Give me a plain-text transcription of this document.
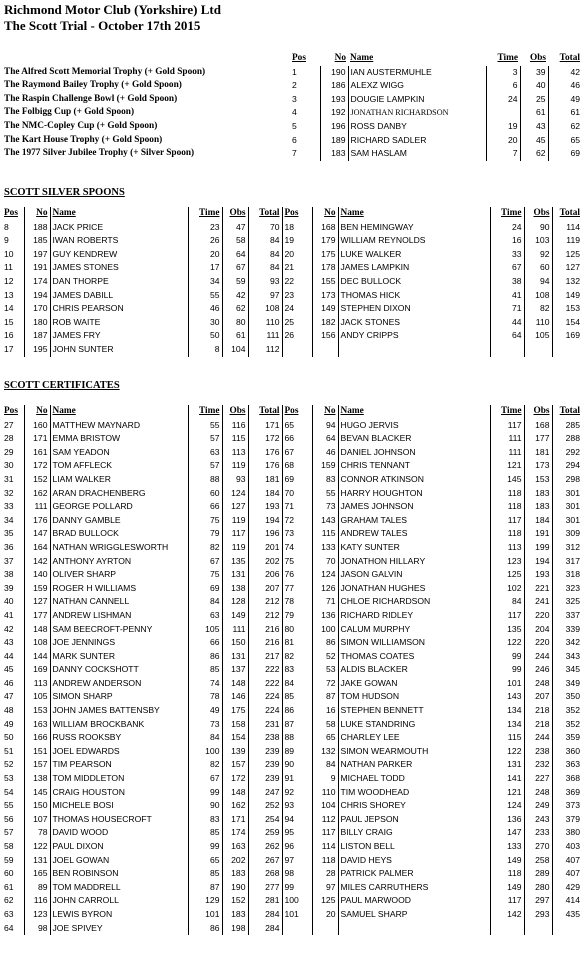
Richmond Motor Club (Yorkshire) Ltd
The Scott Trial - October 17th 2015
	Pos	No	Name	Time	Obs	Total
The Alfred Scott Memorial Trophy (+ Gold Spoon)	1	190	IAN AUSTERMUHLE	3	39	42
The Raymond Bailey Trophy (+ Gold Spoon)	2	186	ALEXZ WIGG	6	40	46
The Raspin Challenge Bowl (+ Gold Spoon)	3	193	DOUGIE LAMPKIN	24	25	49
The Folbigg Cup (+ Gold Spoon)	4	192	JONATHAN RICHARDSON		61	61
The NMC-Copley Cup (+ Gold Spoon)	5	196	ROSS DANBY	19	43	62
The Kart House Trophy (+ Gold Spoon)	6	189	RICHARD SADLER	20	45	65
The 1977 Silver Jubilee Trophy (+ Silver Spoon)	7	183	SAM HASLAM	7	62	69
SCOTT SILVER SPOONS
Pos	No	Name	Time	Obs	Total	Pos	No	Name	Time	Obs	Total
8	188	JACK PRICE	23	47	70	18	168	BEN HEMINGWAY	24	90	114
9	185	IWAN ROBERTS	26	58	84	19	179	WILLIAM REYNOLDS	16	103	119
10	197	GUY KENDREW	20	64	84	20	175	LUKE WALKER	33	92	125
11	191	JAMES STONES	17	67	84	21	178	JAMES LAMPKIN	67	60	127
12	174	DAN THORPE	34	59	93	22	155	DEC BULLOCK	38	94	132
13	194	JAMES DABILL	55	42	97	23	173	THOMAS HICK	41	108	149
14	170	CHRIS PEARSON	46	62	108	24	149	STEPHEN DIXON	71	82	153
15	180	ROB WAITE	30	80	110	25	182	JACK STONES	44	110	154
16	187	JAMES FRY	50	61	111	26	156	ANDY CRIPPS	64	105	169
17	195	JOHN SUNTER	8	104	112						
SCOTT CERTIFICATES
Pos	No	Name	Time	Obs	Total	Pos	No	Name	Time	Obs	Total
27	160	MATTHEW MAYNARD	55	116	171	65	94	HUGO JERVIS	117	168	285
28	171	EMMA BRISTOW	57	115	172	66	64	BEVAN BLACKER	111	177	288
29	161	SAM YEADON	63	113	176	67	46	DANIEL JOHNSON	111	181	292
30	172	TOM AFFLECK	57	119	176	68	159	CHRIS TENNANT	121	173	294
31	152	LIAM WALKER	88	93	181	69	83	CONNOR ATKINSON	145	153	298
32	162	ARAN DRACHENBERG	60	124	184	70	55	HARRY HOUGHTON	118	183	301
33	111	GEORGE POLLARD	66	127	193	71	73	JAMES JOHNSON	118	183	301
34	176	DANNY GAMBLE	75	119	194	72	143	GRAHAM TALES	117	184	301
35	147	BRAD BULLOCK	79	117	196	73	115	ANDREW TALES	118	191	309
36	164	NATHAN WRIGGLESWORTH	82	119	201	74	133	KATY SUNTER	113	199	312
37	142	ANTHONY AYRTON	67	135	202	75	70	JONATHON HILLARY	123	194	317
38	140	OLIVER SHARP	75	131	206	76	124	JASON GALVIN	125	193	318
39	159	ROGER H WILLIAMS	69	138	207	77	126	JONATHAN HUGHES	102	221	323
40	127	NATHAN CANNELL	84	128	212	78	71	CHLOE RICHARDSON	84	241	325
41	177	ANDREW LISHMAN	63	149	212	79	136	RICHARD RIDLEY	117	220	337
42	148	SAM BEECROFT-PENNY	105	111	216	80	100	CALUM MURPHY	135	204	339
43	108	JOE JENNINGS	66	150	216	81	86	SIMON WILLIAMSON	122	220	342
44	144	MARK SUNTER	86	131	217	82	52	THOMAS COATES	99	244	343
45	169	DANNY COCKSHOTT	85	137	222	83	53	ALDIS BLACKER	99	246	345
46	113	ANDREW ANDERSON	74	148	222	84	72	JAKE GOWAN	101	248	349
47	105	SIMON SHARP	78	146	224	85	87	TOM HUDSON	143	207	350
48	153	JOHN JAMES BATTENSBY	49	175	224	86	16	STEPHEN BENNETT	134	218	352
49	163	WILLIAM BROCKBANK	73	158	231	87	58	LUKE STANDRING	134	218	352
50	166	RUSS ROOKSBY	84	154	238	88	65	CHARLEY LEE	115	244	359
51	151	JOEL EDWARDS	100	139	239	89	132	SIMON WEARMOUTH	122	238	360
52	157	TIM PEARSON	82	157	239	90	84	NATHAN PARKER	131	232	363
53	138	TOM MIDDLETON	67	172	239	91	9	MICHAEL TODD	141	227	368
54	145	CRAIG HOUSTON	99	148	247	92	110	TIM WOODHEAD	121	248	369
55	150	MICHELE BOSI	90	162	252	93	104	CHRIS SHOREY	124	249	373
56	107	THOMAS HOUSECROFT	83	171	254	94	112	PAUL JEPSON	136	243	379
57	78	DAVID WOOD	85	174	259	95	117	BILLY CRAIG	147	233	380
58	122	PAUL DIXON	99	163	262	96	114	LISTON BELL	133	270	403
59	131	JOEL GOWAN	65	202	267	97	118	DAVID HEYS	149	258	407
60	165	BEN ROBINSON	85	183	268	98	28	PATRICK PALMER	118	289	407
61	89	TOM MADDRELL	87	190	277	99	97	MILES CARRUTHERS	149	280	429
62	116	JOHN CARROLL	129	152	281	100	125	PAUL MARWOOD	117	297	414
63	123	LEWIS BYRON	101	183	284	101	20	SAMUEL SHARP	142	293	435
64	98	JOE SPIVEY	86	198	284						
